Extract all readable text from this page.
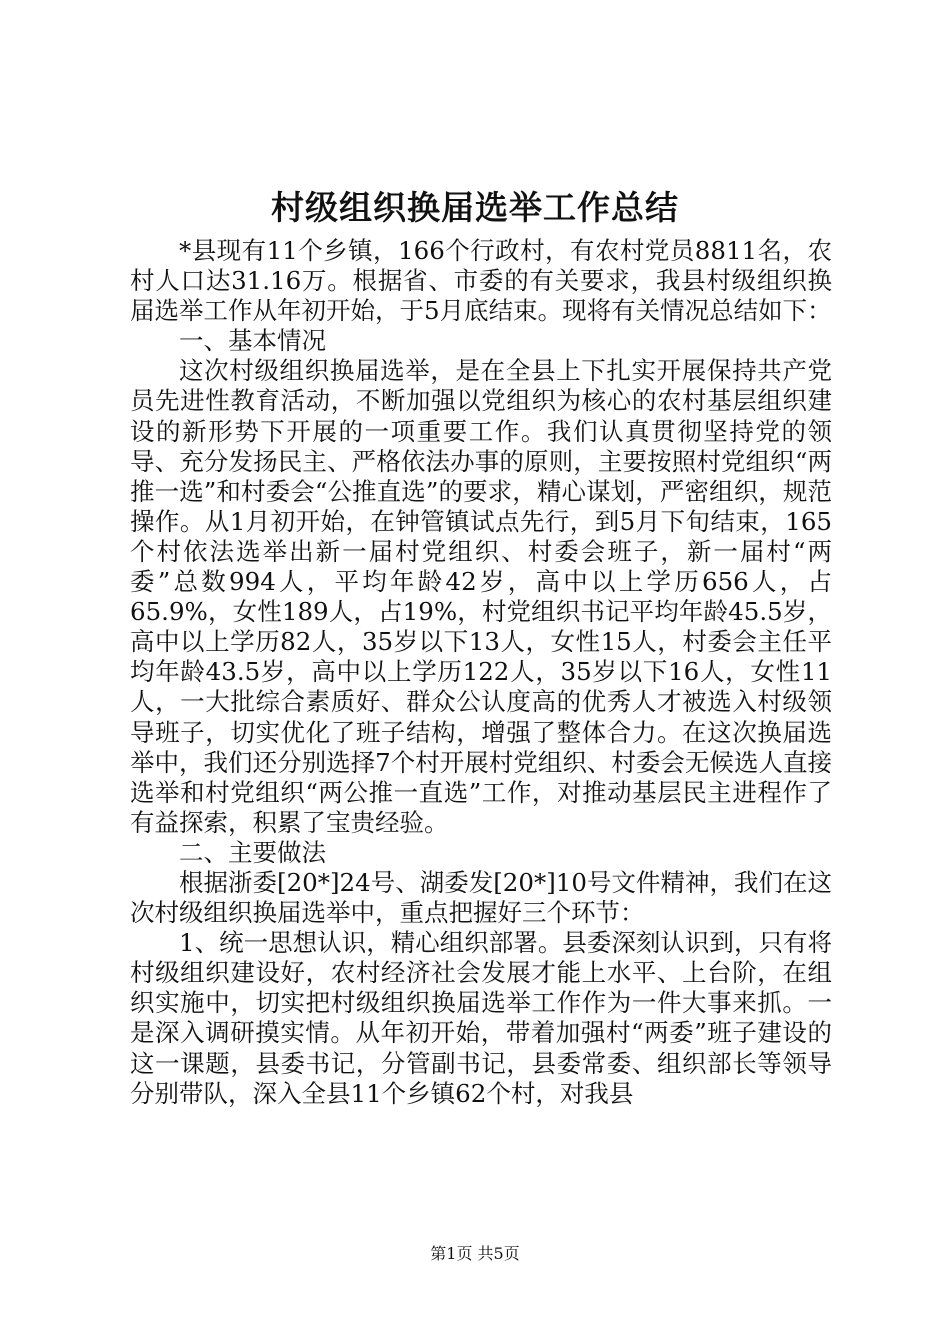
村级组织换届选举工作总结

*县现有11个乡镇，166个行政村，有农村党员8811名，农村人口达31.16万。根据省、市委的有关要求，我县村级组织换届选举工作从年初开始，于5月底结束。现将有关情况总结如下：

一、基本情况

这次村级组织换届选举，是在全县上下扎实开展保持共产党员先进性教育活动，不断加强以党组织为核心的农村基层组织建设的新形势下开展的一项重要工作。我们认真贯彻坚持党的领导、充分发扬民主、严格依法办事的原则，主要按照村党组织“两推一选”和村委会“公推直选”的要求，精心谋划，严密组织，规范操作。从1月初开始，在钟管镇试点先行，到5月下旬结束，165个村依法选举出新一届村党组织、村委会班子，新一届村“两委”总数994人，平均年龄42岁，高中以上学历656人，占65.9%，女性189人，占19%，村党组织书记平均年龄45.5岁，高中以上学历82人，35岁以下13人，女性15人，村委会主任平均年龄43.5岁，高中以上学历122人，35岁以下16人，女性11人，一大批综合素质好、群众公认度高的优秀人才被选入村级领导班子，切实优化了班子结构，增强了整体合力。在这次换届选举中，我们还分别选择7个村开展村党组织、村委会无候选人直接选举和村党组织“两公推一直选”工作，对推动基层民主进程作了有益探索，积累了宝贵经验。

二、主要做法

根据浙委[20*]24号、湖委发[20*]10号文件精神，我们在这次村级组织换届选举中，重点把握好三个环节：

1、统一思想认识，精心组织部署。县委深刻认识到，只有将村级组织建设好，农村经济社会发展才能上水平、上台阶，在组织实施中，切实把村级组织换届选举工作作为一件大事来抓。一是深入调研摸实情。从年初开始，带着加强村“两委”班子建设的这一课题，县委书记，分管副书记，县委常委、组织部长等领导分别带队，深入全县11个乡镇62个村，对我县

第1页 共5页
